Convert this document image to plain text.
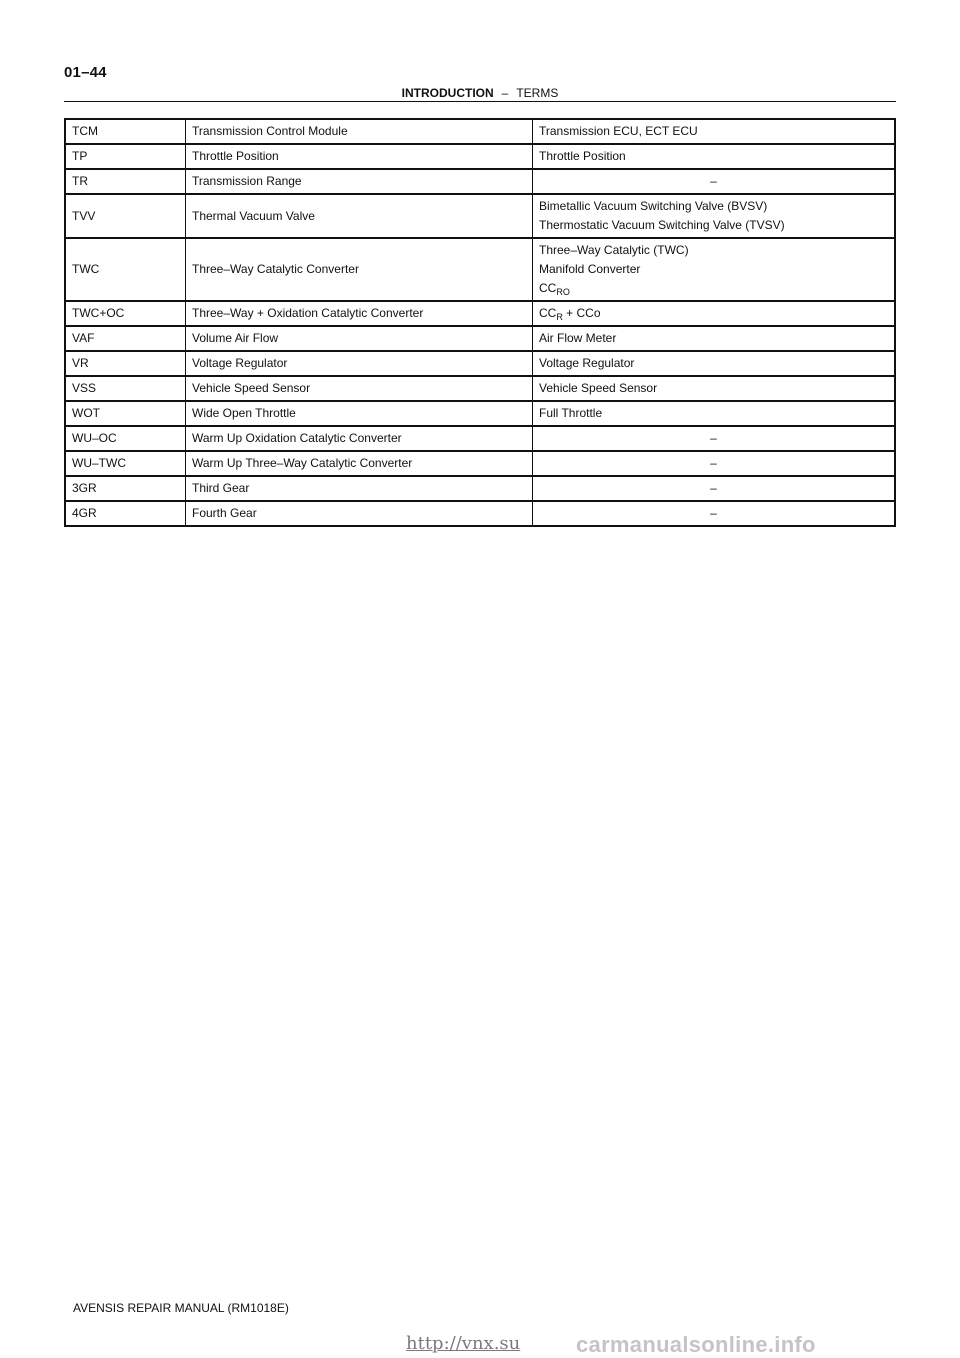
01–44
INTRODUCTION – TERMS
TCM	Transmission Control Module	Transmission ECU, ECT ECU

TP	Throttle Position	Throttle Position

TR	Transmission Range	–

TVV	Thermal Vacuum Valve	Bimetallic Vacuum Switching Valve (BVSV)
Thermostatic Vacuum Switching Valve (TVSV)

TWC	Three–Way Catalytic Converter	Three–Way Catalytic (TWC)
Manifold Converter
$CC_{RO}$

TWC+OC	Three–Way + Oxidation Catalytic Converter	$CC_R$ + CCo

VAF	Volume Air Flow	Air Flow Meter

VR	Voltage Regulator	Voltage Regulator

VSS	Vehicle Speed Sensor	Vehicle Speed Sensor

WOT	Wide Open Throttle	Full Throttle

WU–OC	Warm Up Oxidation Catalytic Converter	–

WU–TWC	Warm Up Three–Way Catalytic Converter	–

3GR	Third Gear	–

4GR	Fourth Gear	–
AVENSIS REPAIR MANUAL (RM1018E)
http://vnx.su	carmanualsonline.info
